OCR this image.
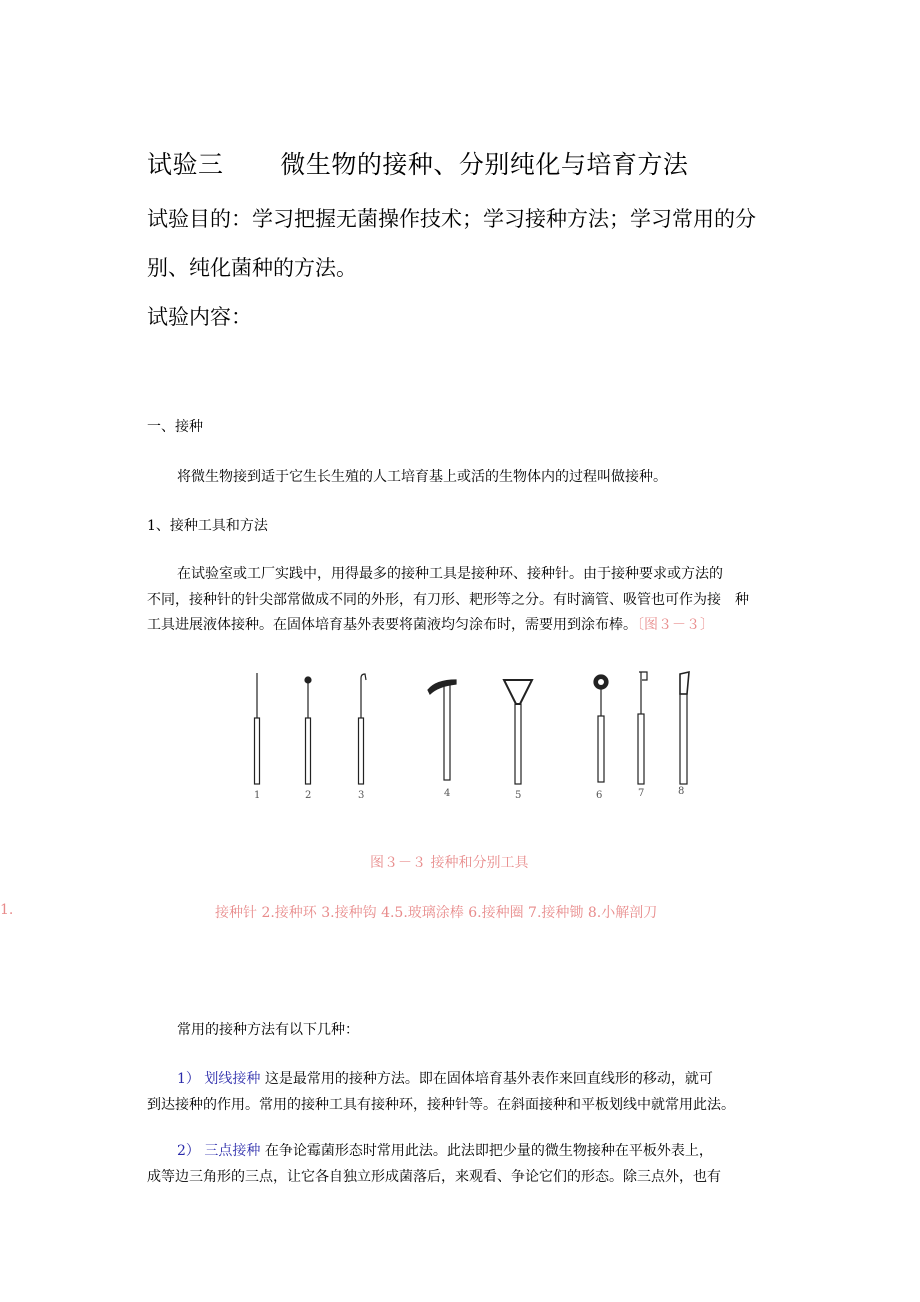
试验三 微生物的接种、分别纯化与培育方法
试验目的：学习把握无菌操作技术；学习接种方法；学习常用的分
别、纯化菌种的方法。
试验内容：
一、接种
将微生物接到适于它生长生殖的人工培育基上或活的生物体内的过程叫做接种。
1、接种工具和方法
在试验室或工厂实践中，用得最多的接种工具是接种环、接种针。由于接种要求或方法的
不同，接种针的针尖部常做成不同的外形，有刀形、耙形等之分。有时滴管、吸管也可作为接　种
工具进展液体接种。在固体培育基外表要将菌液均匀涂布时，需要用到涂布棒。〔图３－３〕
1	2	3	4	5	6	7	8
图３－３ 接种和分别工具
1.	接种针 2.接种环 3.接种钩 4.5.玻璃涂棒 6.接种圈 7.接种锄 8.小解剖刀
常用的接种方法有以下几种：
1） 划线接种 这是最常用的接种方法。即在固体培育基外表作来回直线形的移动，就可
到达接种的作用。常用的接种工具有接种环，接种针等。在斜面接种和平板划线中就常用此法。
2） 三点接种 在争论霉菌形态时常用此法。此法即把少量的微生物接种在平板外表上，
成等边三角形的三点，让它各自独立形成菌落后，来观看、争论它们的形态。除三点外，也有
